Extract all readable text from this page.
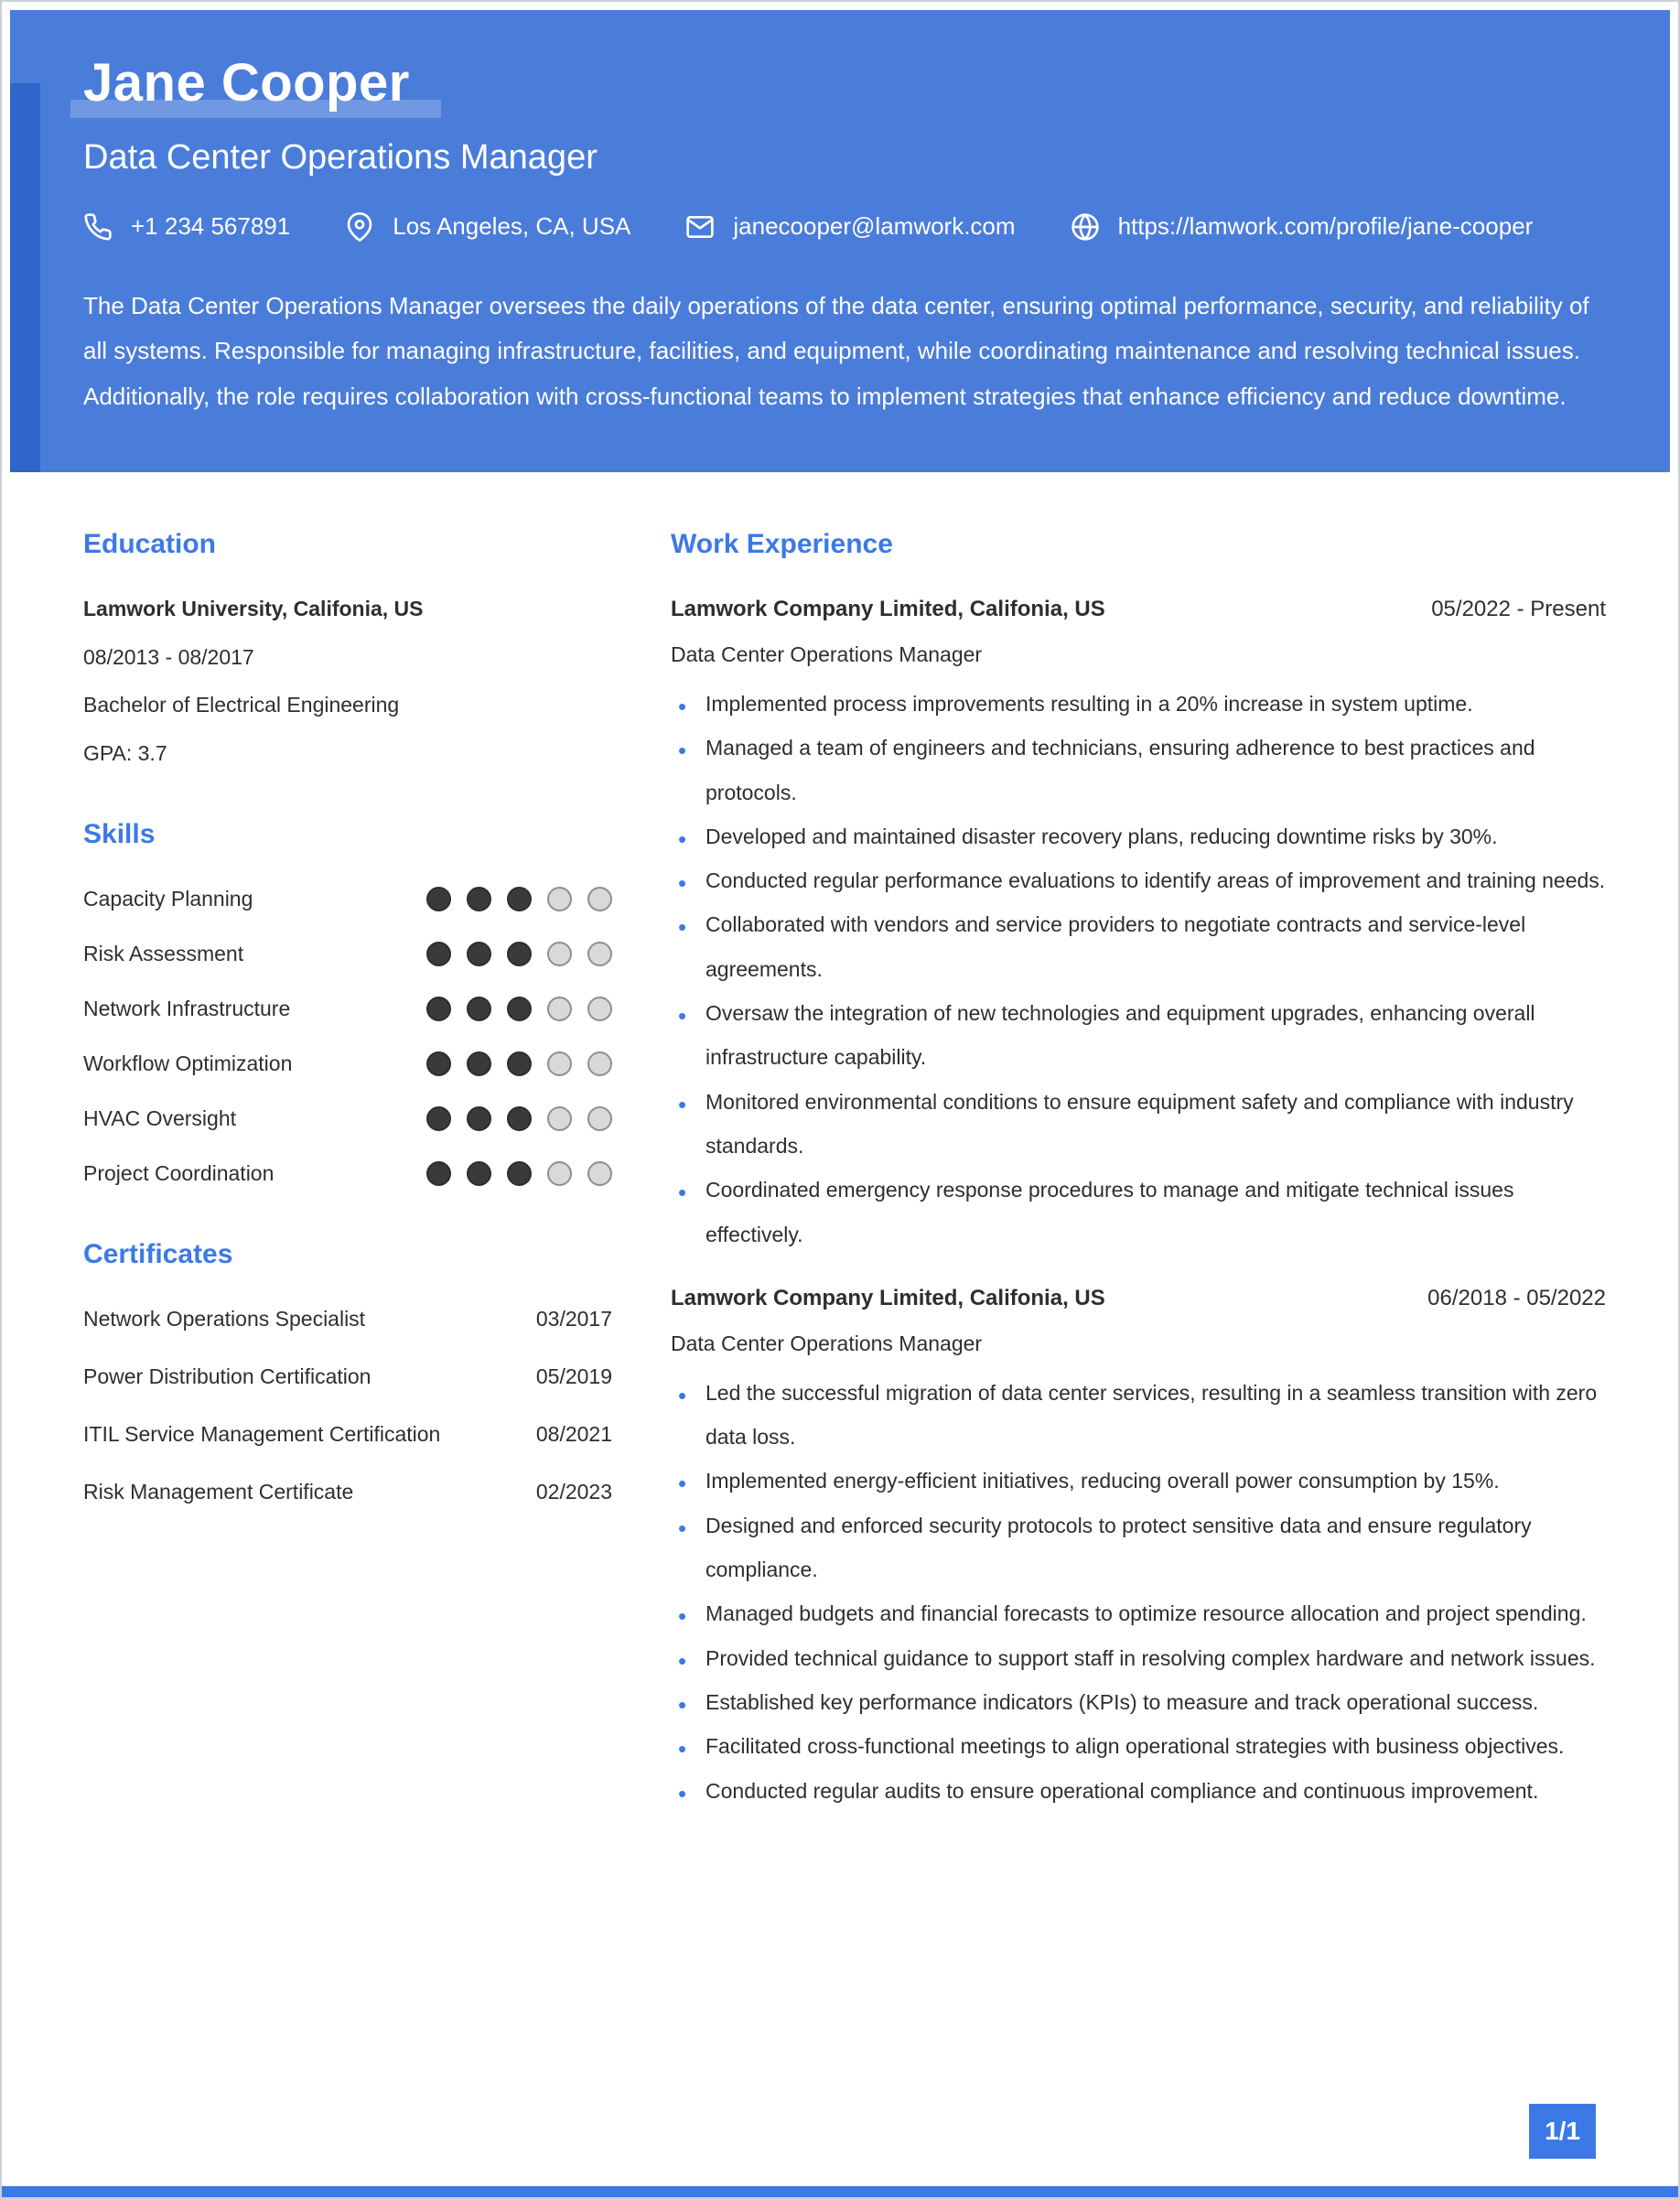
Jane Cooper
Data Center Operations Manager
+1 234 567891	Los Angeles, CA, USA	janecooper@lamwork.com	https://lamwork.com/profile/jane-cooper

The Data Center Operations Manager oversees the daily operations of the data center, ensuring optimal performance, security, and reliability of all systems. Responsible for managing infrastructure, facilities, and equipment, while coordinating maintenance and resolving technical issues. Additionally, the role requires collaboration with cross-functional teams to implement strategies that enhance efficiency and reduce downtime.

Education
Lamwork University, Califonia, US
08/2013 - 08/2017
Bachelor of Electrical Engineering
GPA: 3.7
Skills
Capacity Planning
Risk Assessment
Network Infrastructure
Workflow Optimization
HVAC Oversight
Project Coordination
Certificates
Network Operations Specialist	03/2017
Power Distribution Certification	05/2019
ITIL Service Management Certification	08/2021
Risk Management Certificate	02/2023
Work Experience
Lamwork Company Limited, Califonia, US	05/2022 - Present
Data Center Operations Manager
• Implemented process improvements resulting in a 20% increase in system uptime.
• Managed a team of engineers and technicians, ensuring adherence to best practices and protocols.
• Developed and maintained disaster recovery plans, reducing downtime risks by 30%.
• Conducted regular performance evaluations to identify areas of improvement and training needs.
• Collaborated with vendors and service providers to negotiate contracts and service-level agreements.
• Oversaw the integration of new technologies and equipment upgrades, enhancing overall infrastructure capability.
• Monitored environmental conditions to ensure equipment safety and compliance with industry standards.
• Coordinated emergency response procedures to manage and mitigate technical issues effectively.
Lamwork Company Limited, Califonia, US	06/2018 - 05/2022
Data Center Operations Manager
• Led the successful migration of data center services, resulting in a seamless transition with zero data loss.
• Implemented energy-efficient initiatives, reducing overall power consumption by 15%.
• Designed and enforced security protocols to protect sensitive data and ensure regulatory compliance.
• Managed budgets and financial forecasts to optimize resource allocation and project spending.
• Provided technical guidance to support staff in resolving complex hardware and network issues.
• Established key performance indicators (KPIs) to measure and track operational success.
• Facilitated cross-functional meetings to align operational strategies with business objectives.
• Conducted regular audits to ensure operational compliance and continuous improvement.
1/1
